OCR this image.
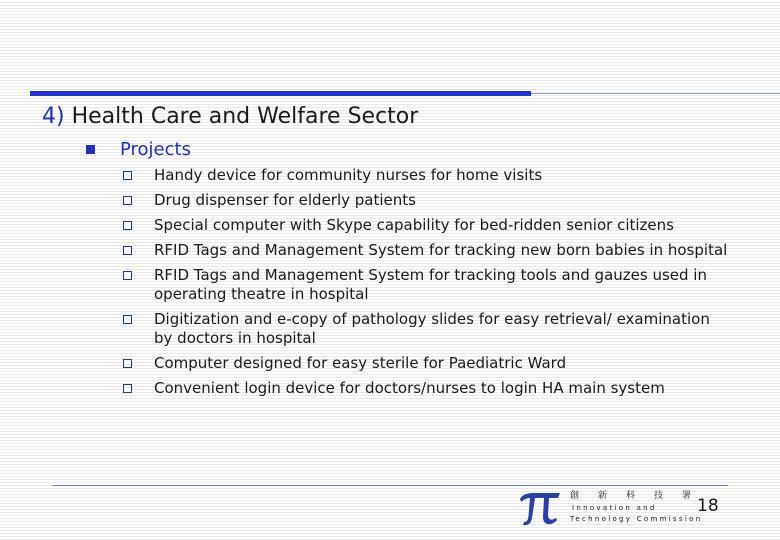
4) Health Care and Welfare Sector
Projects
Handy device for community nurses for home visits
Drug dispenser for elderly patients
Special computer with Skype capability for bed-ridden senior citizens
RFID Tags and Management System for tracking new born babies in hospital
RFID Tags and Management System for tracking tools and gauzes used in
operating theatre in hospital
Digitization and e-copy of pathology slides for easy retrieval/ examination
by doctors in hospital
Computer designed for easy sterile for Paediatric Ward
Convenient login device for doctors/nurses to login HA main system
創新科技署
Innovation and
Technology Commission
18
